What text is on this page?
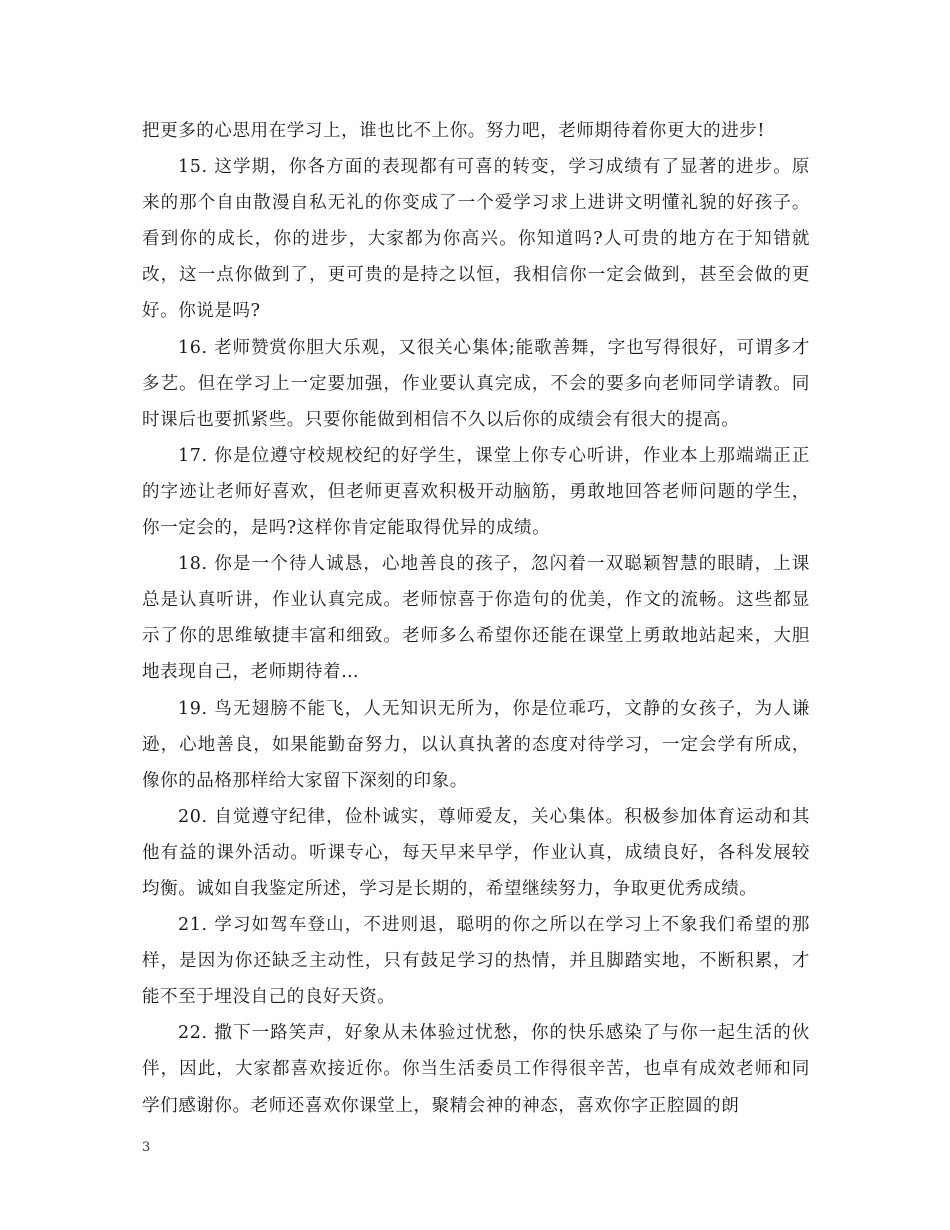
把更多的心思用在学习上，谁也比不上你。努力吧，老师期待着你更大的进步!

15. 这学期，你各方面的表现都有可喜的转变，学习成绩有了显著的进步。原来的那个自由散漫自私无礼的你变成了一个爱学习求上进讲文明懂礼貌的好孩子。看到你的成长，你的进步，大家都为你高兴。你知道吗?人可贵的地方在于知错就改，这一点你做到了，更可贵的是持之以恒，我相信你一定会做到，甚至会做的更好。你说是吗?

16. 老师赞赏你胆大乐观，又很关心集体;能歌善舞，字也写得很好，可谓多才多艺。但在学习上一定要加强，作业要认真完成，不会的要多向老师同学请教。同时课后也要抓紧些。只要你能做到相信不久以后你的成绩会有很大的提高。

17. 你是位遵守校规校纪的好学生，课堂上你专心听讲，作业本上那端端正正的字迹让老师好喜欢，但老师更喜欢积极开动脑筋，勇敢地回答老师问题的学生，你一定会的，是吗?这样你肯定能取得优异的成绩。

18. 你是一个待人诚恳，心地善良的孩子，忽闪着一双聪颖智慧的眼睛，上课总是认真听讲，作业认真完成。老师惊喜于你造句的优美，作文的流畅。这些都显示了你的思维敏捷丰富和细致。老师多么希望你还能在课堂上勇敢地站起来，大胆地表现自己，老师期待着…

19. 鸟无翅膀不能飞，人无知识无所为，你是位乖巧，文静的女孩子，为人谦逊，心地善良，如果能勤奋努力，以认真执著的态度对待学习，一定会学有所成，像你的品格那样给大家留下深刻的印象。

20. 自觉遵守纪律，俭朴诚实，尊师爱友，关心集体。积极参加体育运动和其他有益的课外活动。听课专心，每天早来早学，作业认真，成绩良好，各科发展较均衡。诚如自我鉴定所述，学习是长期的，希望继续努力，争取更优秀成绩。

21. 学习如驾车登山，不进则退，聪明的你之所以在学习上不象我们希望的那样，是因为你还缺乏主动性，只有鼓足学习的热情，并且脚踏实地，不断积累，才能不至于埋没自己的良好天资。

22. 撒下一路笑声，好象从未体验过忧愁，你的快乐感染了与你一起生活的伙伴，因此，大家都喜欢接近你。你当生活委员工作得很辛苦，也卓有成效老师和同学们感谢你。老师还喜欢你课堂上，聚精会神的神态，喜欢你字正腔圆的朗

3
